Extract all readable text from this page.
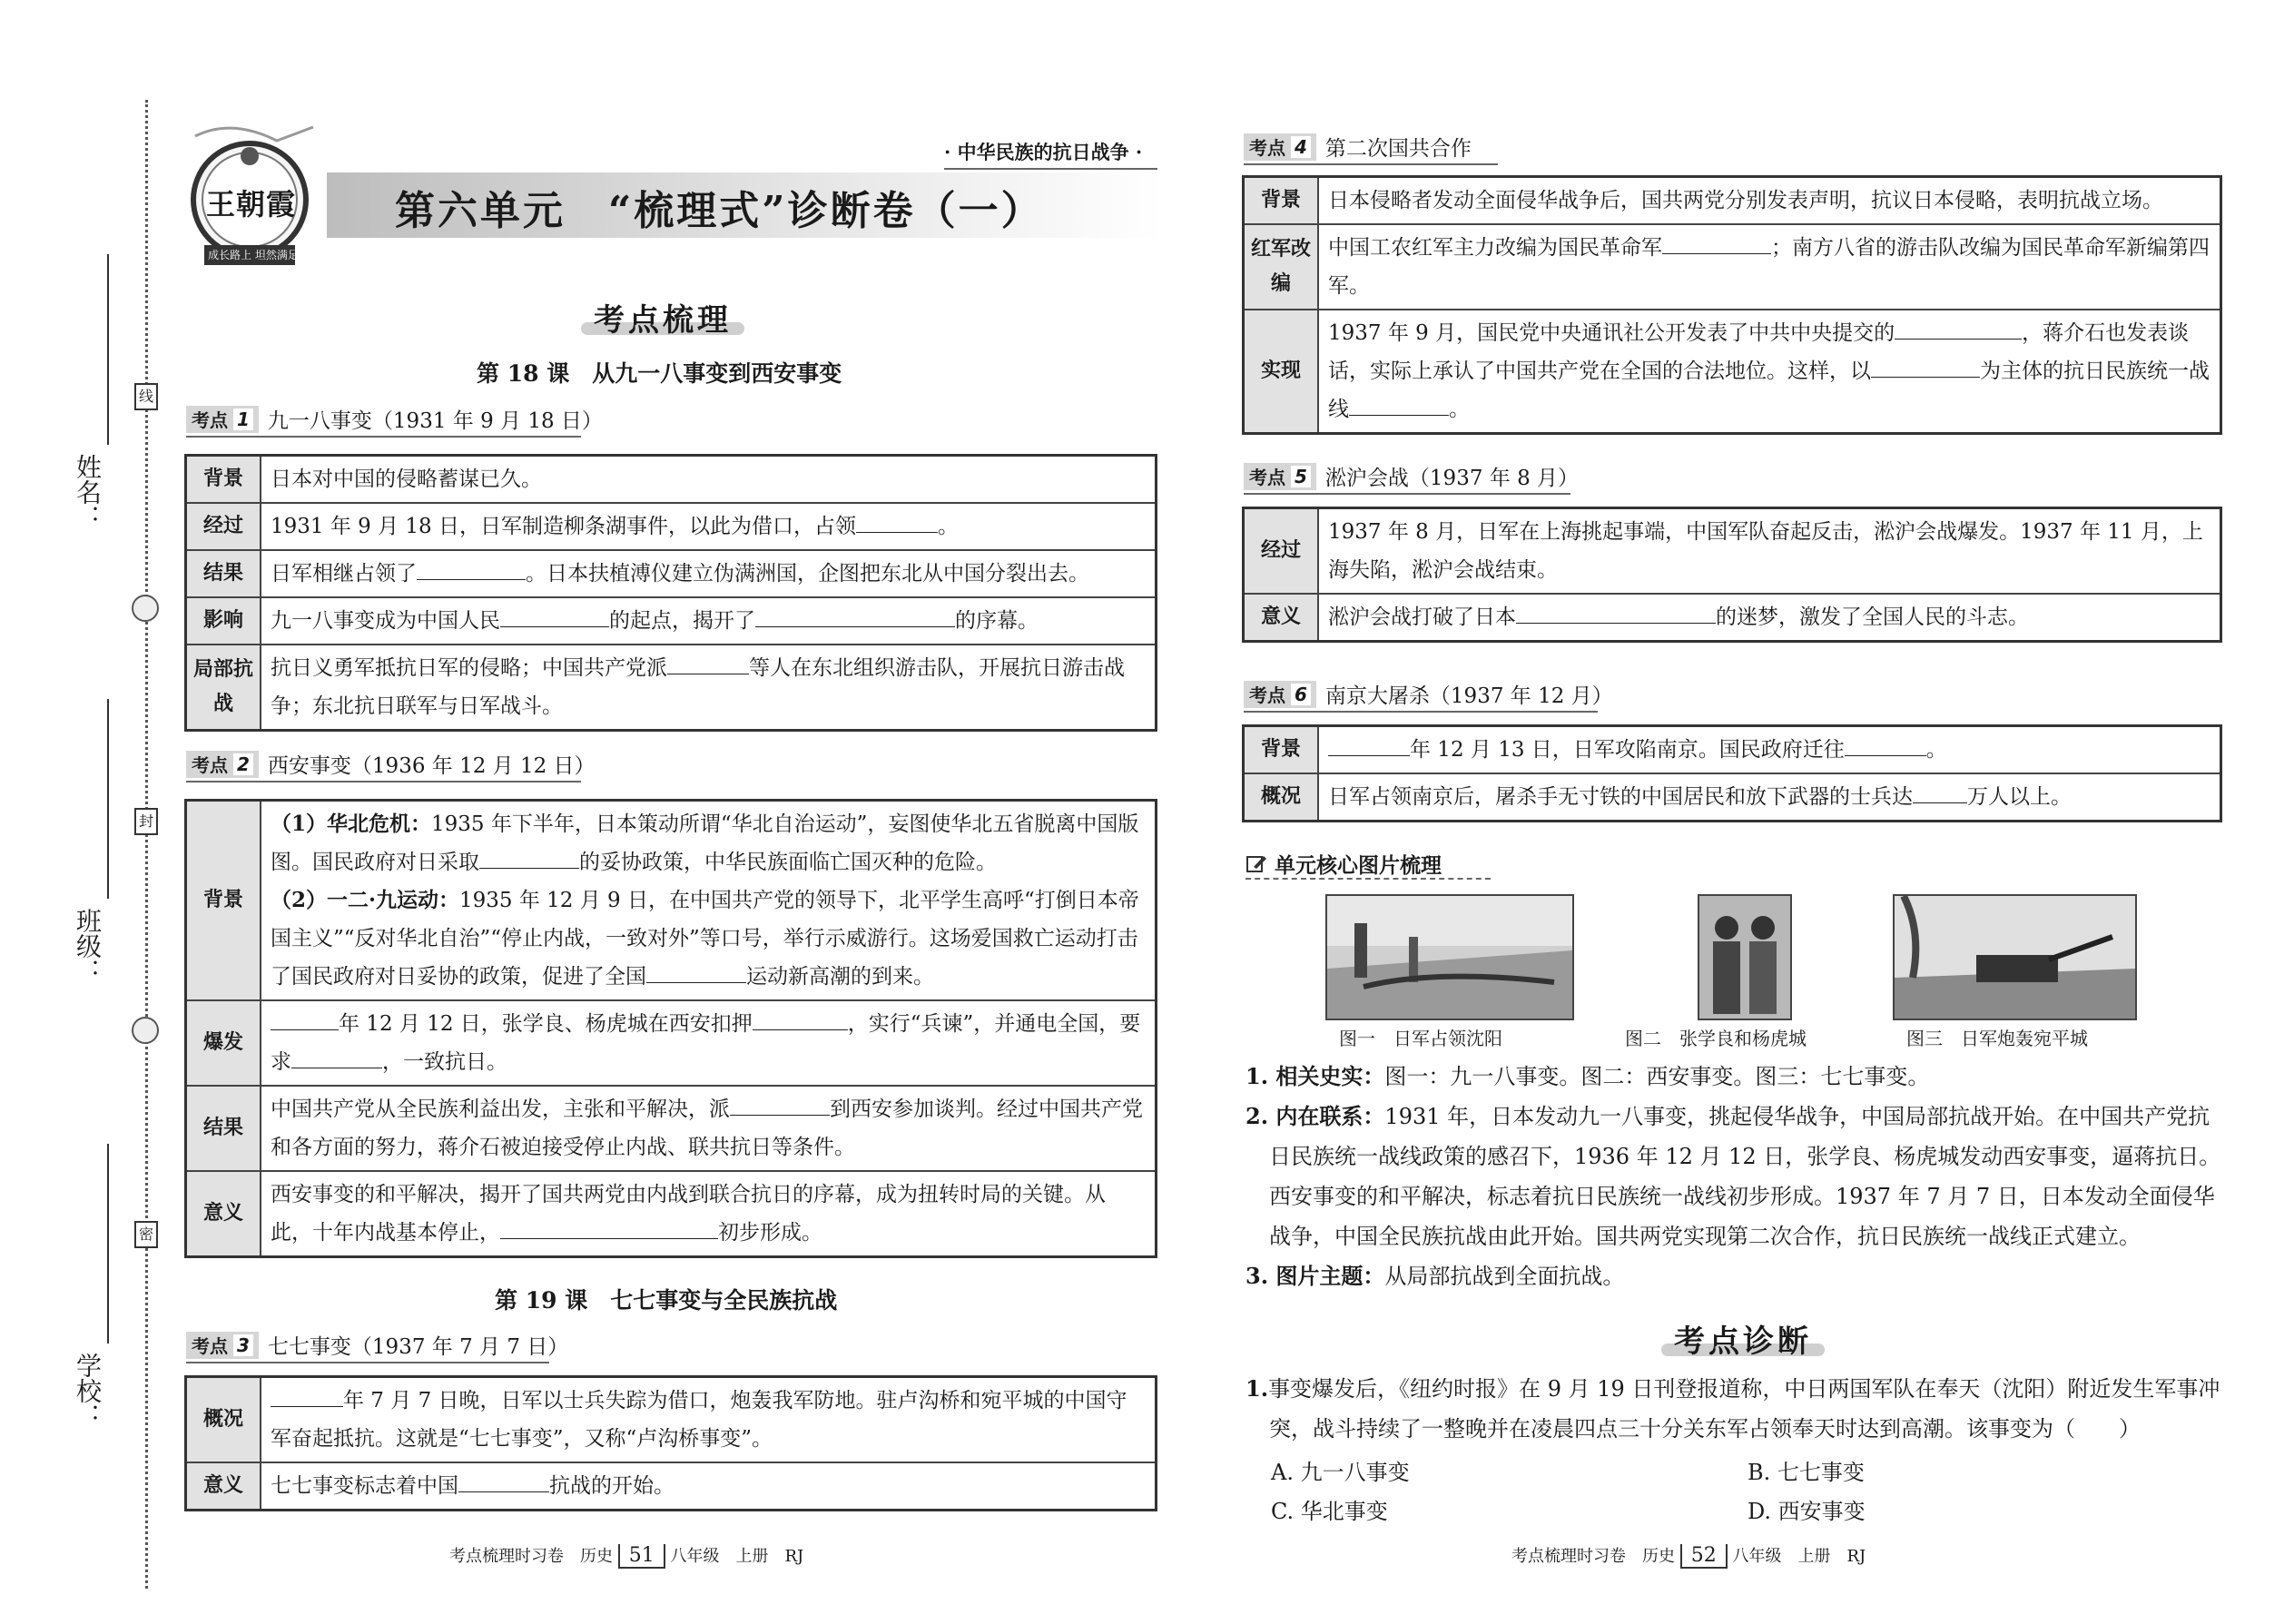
姓名：
班级：
学校：
线
封
密
王朝霞
成长路上 坦然满足
· 中华民族的抗日战争 ·
第六单元　“梳理式”诊断卷（一）
考点梳理
第 18 课　从九一八事变到西安事变
考点 1 九一八事变（1931 年 9 月 18 日）
背景	日本对中国的侵略蓄谋已久。
经过	1931 年 9 月 18 日，日军制造柳条湖事件，以此为借口，占领 。
结果	日军相继占领了 。日本扶植溥仪建立伪满洲国，企图把东北从中国分裂出去。
影响	九一八事变成为中国人民 的起点，揭开了 的序幕。
局部抗战	抗日义勇军抵抗日军的侵略；中国共产党派 等人在东北组织游击队，开展抗日游击战争；东北抗日联军与日军战斗。
考点 2 西安事变（1936 年 12 月 12 日）
背景	（1）华北危机：1935 年下半年，日本策动所谓“华北自治运动”，妄图使华北五省脱离中国版图。国民政府对日采取 的妥协政策，中华民族面临亡国灭种的危险。
（2）一二·九运动：1935 年 12 月 9 日，在中国共产党的领导下，北平学生高呼“打倒日本帝国主义”“反对华北自治”“停止内战，一致对外”等口号，举行示威游行。这场爱国救亡运动打击了国民政府对日妥协的政策，促进了全国 运动新高潮的到来。
爆发	年 12 月 12 日，张学良、杨虎城在西安扣押 ，实行“兵谏”，并通电全国，要求 ，一致抗日。
结果	中国共产党从全民族利益出发，主张和平解决，派 到西安参加谈判。经过中国共产党和各方面的努力，蒋介石被迫接受停止内战、联共抗日等条件。
意义	西安事变的和平解决，揭开了国共两党由内战到联合抗日的序幕，成为扭转时局的关键。从此，十年内战基本停止， 初步形成。
第 19 课　七七事变与全民族抗战
考点 3 七七事变（1937 年 7 月 7 日）
概况	年 7 月 7 日晚，日军以士兵失踪为借口，炮轰我军防地。驻卢沟桥和宛平城的中国守军奋起抵抗。这就是“七七事变”，又称“卢沟桥事变”。
意义	七七事变标志着中国 抗战的开始。
考点梳理时习卷　历史 51 八年级　上册　RJ
考点 4 第二次国共合作
背景	日本侵略者发动全面侵华战争后，国共两党分别发表声明，抗议日本侵略，表明抗战立场。
红军改编	中国工农红军主力改编为国民革命军 ；南方八省的游击队改编为国民革命军新编第四军。
实现	1937 年 9 月，国民党中央通讯社公开发表了中共中央提交的 ，蒋介石也发表谈话，实际上承认了中国共产党在全国的合法地位。这样，以 为主体的抗日民族统一战线 。
考点 5 淞沪会战（1937 年 8 月）
经过	1937 年 8 月，日军在上海挑起事端，中国军队奋起反击，淞沪会战爆发。1937 年 11 月，上海失陷，淞沪会战结束。
意义	淞沪会战打破了日本 的迷梦，激发了全国人民的斗志。
考点 6 南京大屠杀（1937 年 12 月）
背景	年 12 月 13 日，日军攻陷南京。国民政府迁往 。
概况	日军占领南京后，屠杀手无寸铁的中国居民和放下武器的士兵达 万人以上。
单元核心图片梳理
图一　日军占领沈阳	图二　张学良和杨虎城	图三　日军炮轰宛平城
1. 相关史实：图一：九一八事变。图二：西安事变。图三：七七事变。
2. 内在联系：1931 年，日本发动九一八事变，挑起侵华战争，中国局部抗战开始。在中国共产党抗日民族统一战线政策的感召下，1936 年 12 月 12 日，张学良、杨虎城发动西安事变，逼蒋抗日。西安事变的和平解决，标志着抗日民族统一战线初步形成。1937 年 7 月 7 日，日本发动全面侵华战争，中国全民族抗战由此开始。国共两党实现第二次合作，抗日民族统一战线正式建立。
3. 图片主题：从局部抗战到全面抗战。
考点诊断
1.事变爆发后，《纽约时报》在 9 月 19 日刊登报道称，中日两国军队在奉天（沈阳）附近发生军事冲突，战斗持续了一整晚并在凌晨四点三十分关东军占领奉天时达到高潮。该事变为（　　）
A. 九一八事变	B. 七七事变
C. 华北事变	D. 西安事变
考点梳理时习卷　历史 52 八年级　上册　RJ
